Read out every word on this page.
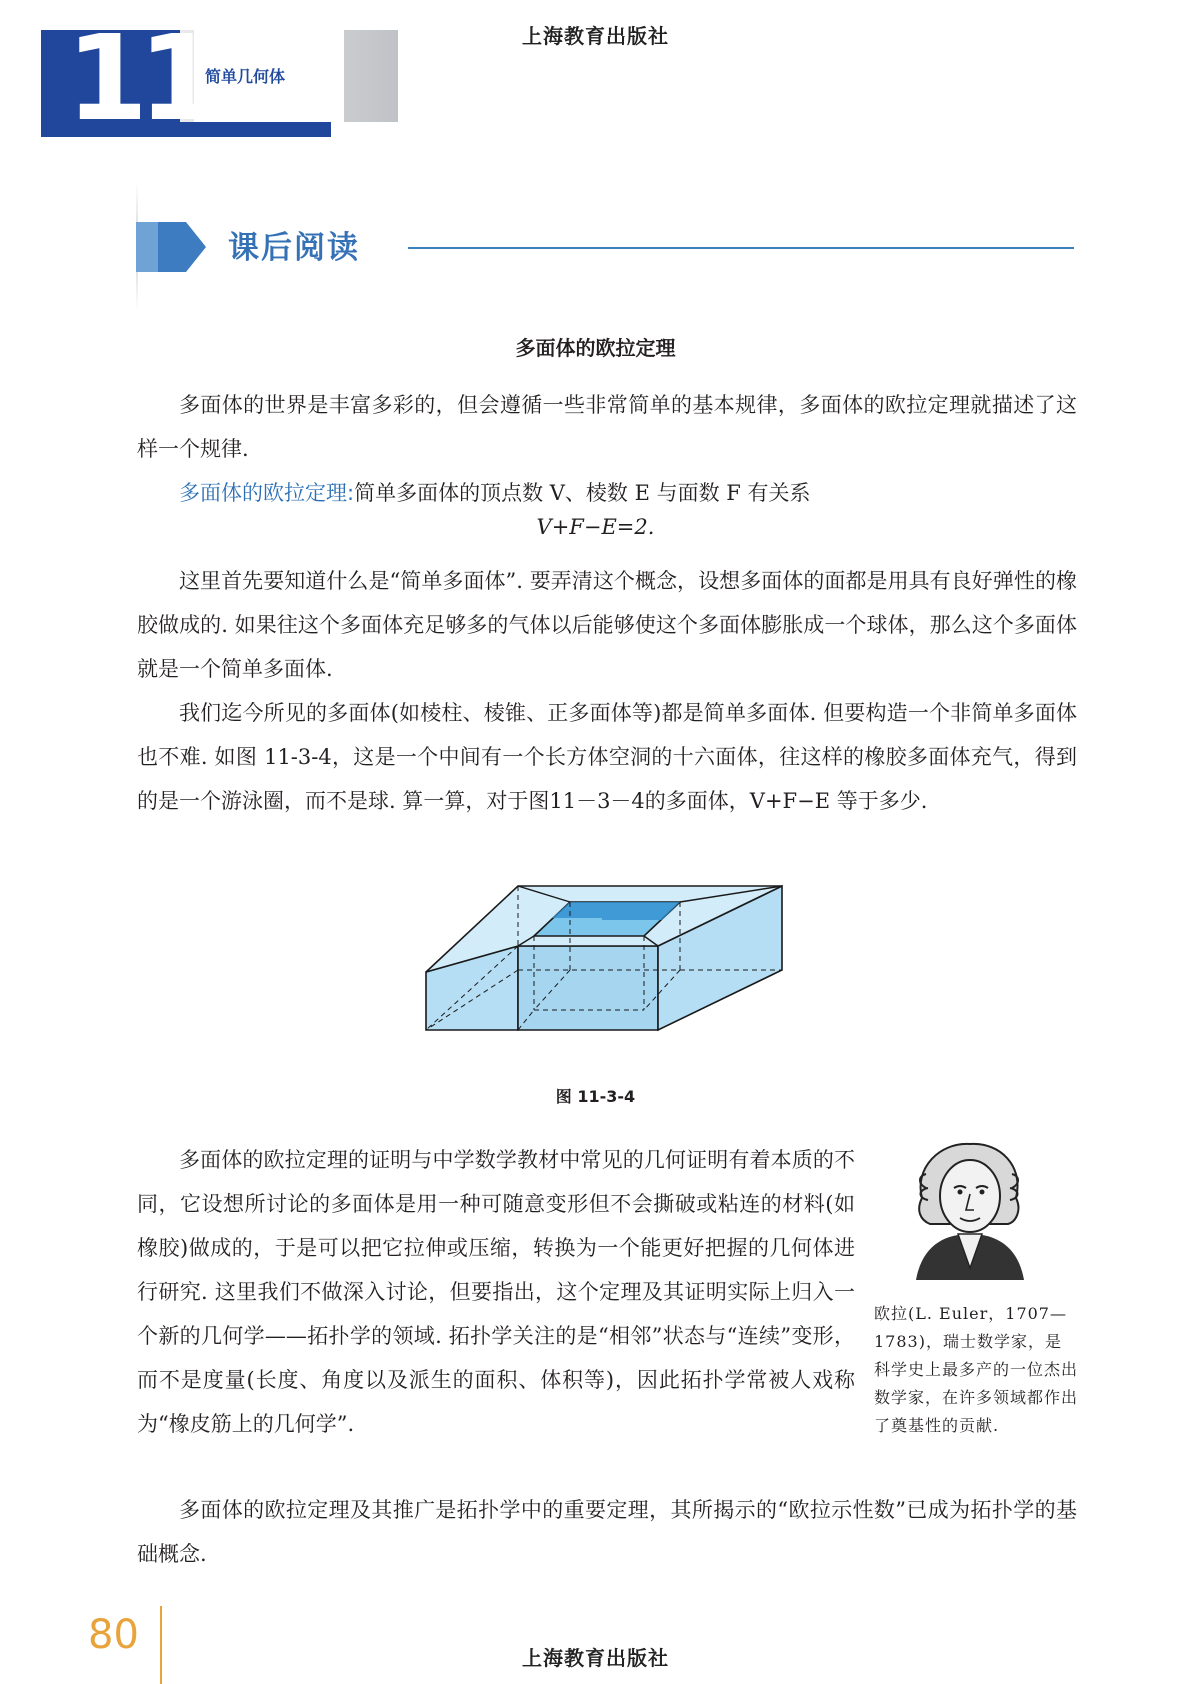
上海教育出版社
11
简单几何体
课后阅读
多面体的欧拉定理
多面体的世界是丰富多彩的，但会遵循一些非常简单的基本规律，多面体的欧拉定理就描述了这样一个规律.
多面体的欧拉定理:简单多面体的顶点数 V、棱数 E 与面数 F 有关系
V+F−E=2.
这里首先要知道什么是“简单多面体”. 要弄清这个概念，设想多面体的面都是用具有良好弹性的橡胶做成的. 如果往这个多面体充足够多的气体以后能够使这个多面体膨胀成一个球体，那么这个多面体就是一个简单多面体.
我们迄今所见的多面体(如棱柱、棱锥、正多面体等)都是简单多面体. 但要构造一个非简单多面体也不难. 如图 11-3-4，这是一个中间有一个长方体空洞的十六面体，往这样的橡胶多面体充气，得到的是一个游泳圈，而不是球. 算一算，对于图11－3－4的多面体，V+F−E 等于多少.
图 11-3-4
多面体的欧拉定理的证明与中学数学教材中常见的几何证明有着本质的不同，它设想所讨论的多面体是用一种可随意变形但不会撕破或粘连的材料(如橡胶)做成的，于是可以把它拉伸或压缩，转换为一个能更好把握的几何体进行研究. 这里我们不做深入讨论，但要指出，这个定理及其证明实际上归入一个新的几何学——拓扑学的领域. 拓扑学关注的是“相邻”状态与“连续”变形，而不是度量(长度、角度以及派生的面积、体积等)，因此拓扑学常被人戏称为“橡皮筋上的几何学”.
欧拉(L. Euler，1707—1783)，瑞士数学家，是科学史上最多产的一位杰出数学家，在许多领域都作出了奠基性的贡献.
多面体的欧拉定理及其推广是拓扑学中的重要定理，其所揭示的“欧拉示性数”已成为拓扑学的基础概念.
80	上海教育出版社
